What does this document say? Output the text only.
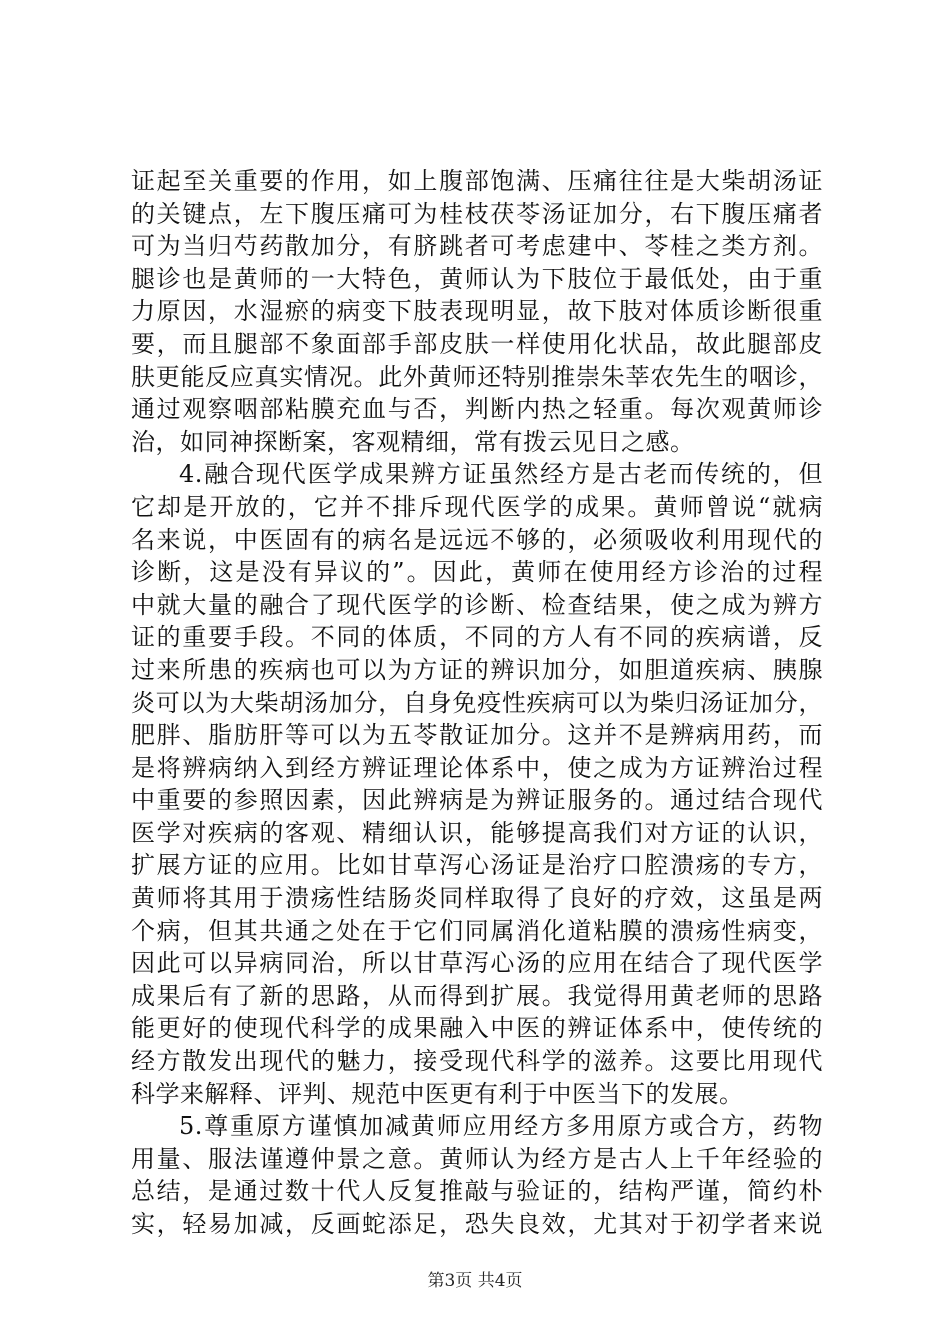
证起至关重要的作用，如上腹部饱满、压痛往往是大柴胡汤证
的关键点，左下腹压痛可为桂枝茯苓汤证加分，右下腹压痛者
可为当归芍药散加分，有脐跳者可考虑建中、苓桂之类方剂。
腿诊也是黄师的一大特色，黄师认为下肢位于最低处，由于重
力原因，水湿瘀的病变下肢表现明显，故下肢对体质诊断很重
要，而且腿部不象面部手部皮肤一样使用化状品，故此腿部皮
肤更能反应真实情况。此外黄师还特别推崇朱莘农先生的咽诊，
通过观察咽部粘膜充血与否，判断内热之轻重。每次观黄师诊
治，如同神探断案，客观精细，常有拨云见日之感。
4.融合现代医学成果辨方证虽然经方是古老而传统的，但
它却是开放的，它并不排斥现代医学的成果。黄师曾说“就病
名来说，中医固有的病名是远远不够的，必须吸收利用现代的
诊断，这是没有异议的”。因此，黄师在使用经方诊治的过程
中就大量的融合了现代医学的诊断、检查结果，使之成为辨方
证的重要手段。不同的体质，不同的方人有不同的疾病谱，反
过来所患的疾病也可以为方证的辨识加分，如胆道疾病、胰腺
炎可以为大柴胡汤加分，自身免疫性疾病可以为柴归汤证加分，
肥胖、脂肪肝等可以为五苓散证加分。这并不是辨病用药，而
是将辨病纳入到经方辨证理论体系中，使之成为方证辨治过程
中重要的参照因素，因此辨病是为辨证服务的。通过结合现代
医学对疾病的客观、精细认识，能够提高我们对方证的认识，
扩展方证的应用。比如甘草泻心汤证是治疗口腔溃疡的专方，
黄师将其用于溃疡性结肠炎同样取得了良好的疗效，这虽是两
个病，但其共通之处在于它们同属消化道粘膜的溃疡性病变，
因此可以异病同治，所以甘草泻心汤的应用在结合了现代医学
成果后有了新的思路，从而得到扩展。我觉得用黄老师的思路
能更好的使现代科学的成果融入中医的辨证体系中，使传统的
经方散发出现代的魅力，接受现代科学的滋养。这要比用现代
科学来解释、评判、规范中医更有利于中医当下的发展。
5.尊重原方谨慎加减黄师应用经方多用原方或合方，药物
用量、服法谨遵仲景之意。黄师认为经方是古人上千年经验的
总结，是通过数十代人反复推敲与验证的，结构严谨，简约朴
实，轻易加减，反画蛇添足，恐失良效，尤其对于初学者来说
第3页 共4页
